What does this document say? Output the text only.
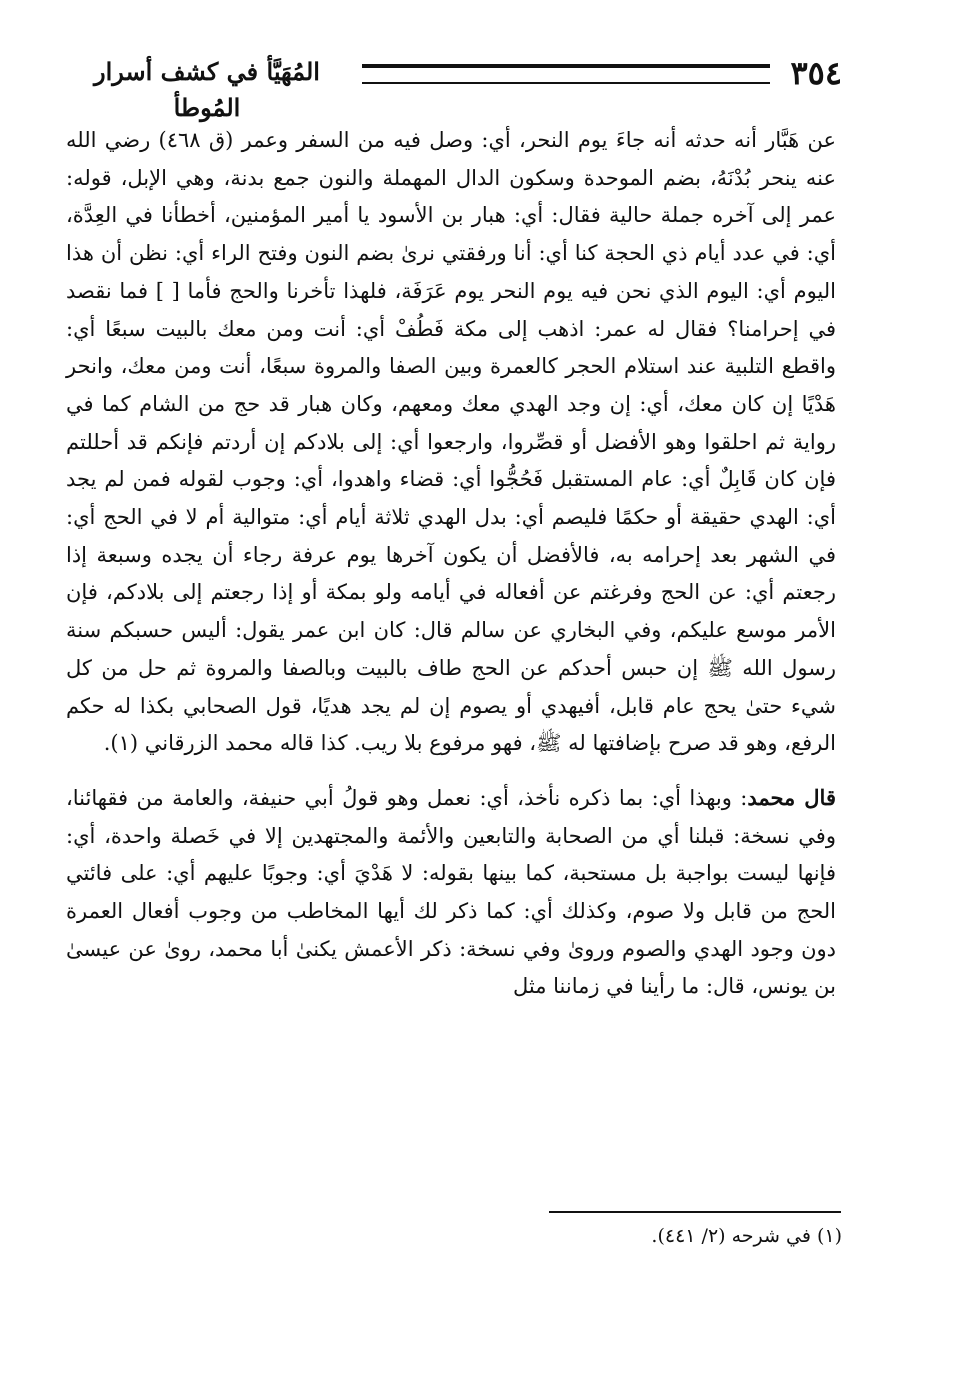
المُهَيَّأ في كشف أسرار المُوطأ
٣٥٤

عن هَبَّار أنه حدثه أنه جاءَ يوم النحر، أي: وصل فيه من السفر وعمر (ق ٤٦٨) رضي الله عنه ينحر بُدْنَهُ، بضم الموحدة وسكون الدال المهملة والنون جمع بدنة، وهي الإبل، قوله: عمر إلى آخره جملة حالية فقال: أي: هبار بن الأسود يا أمير المؤمنين، أخطأنا في العِدَّة، أي: في عدد أيام ذي الحجة كنا أي: أنا ورفقتي نرىٰ بضم النون وفتح الراء أي: نظن أن هذا اليوم أي: اليوم الذي نحن فيه يوم النحر يوم عَرَفَة، فلهذا تأخرنا والحج فأما [ ] فما نقصد في إحرامنا؟ فقال له عمر: اذهب إلى مكة فَطُفْ أي: أنت ومن معك بالبيت سبعًا أي: واقطع التلبية عند استلام الحجر كالعمرة وبين الصفا والمروة سبعًا، أنت ومن معك، وانحر هَدْيًا إن كان معك، أي: إن وجد الهدي معك ومعهم، وكان هبار قد حج من الشام كما في رواية ثم احلقوا وهو الأفضل أو قصِّروا، وارجعوا أي: إلى بلادكم إن أردتم فإنكم قد أحللتم فإن كان قَابِلٌ أي: عام المستقبل فَحُجُّوا أي: قضاء واهدوا، أي: وجوب لقوله فمن لم يجد أي: الهدي حقيقة أو حكمًا فليصم أي: بدل الهدي ثلاثة أيام أي: متوالية أم لا في الحج أي: في الشهر بعد إحرامه به، فالأفضل أن يكون آخرها يوم عرفة رجاء أن يجده وسبعة إذا رجعتم أي: عن الحج وفرغتم عن أفعاله في أيامه ولو بمكة أو إذا رجعتم إلى بلادكم، فإن الأمر موسع عليكم، وفي البخاري عن سالم قال: كان ابن عمر يقول: أليس حسبكم سنة رسول الله ﷺ إن حبس أحدكم عن الحج طاف بالبيت وبالصفا والمروة ثم حل من كل شيء حتىٰ يحج عام قابل، أفيهدي أو يصوم إن لم يجد هديًا، قول الصحابي بكذا له حكم الرفع، وهو قد صرح بإضافتها له ﷺ، فهو مرفوع بلا ريب. كذا قاله محمد الزرقاني (١).

قال محمد: وبهذا أي: بما ذكره نأخذ، أي: نعمل وهو قولُ أبي حنيفة، والعامة من فقهائنا، وفي نسخة: قبلنا أي من الصحابة والتابعين والأئمة والمجتهدين إلا في خَصلة واحدة، أي: فإنها ليست بواجبة بل مستحبة، كما بينها بقوله: لا هَدْيَ أي: وجوبًا عليهم أي: على فائتي الحج من قابل ولا صوم، وكذلك أي: كما ذكر لك أيها المخاطب من وجوب أفعال العمرة دون وجود الهدي والصوم وروىٰ وفي نسخة: ذكر الأعمش يكنىٰ أبا محمد، روىٰ عن عيسىٰ بن يونس، قال: ما رأينا في زماننا مثل

(١) في شرحه (٢/ ٤٤١).
